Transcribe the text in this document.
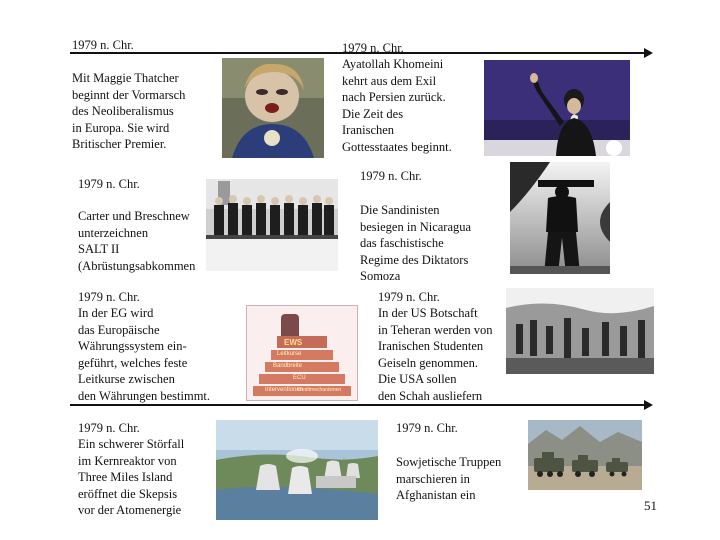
1979 n. Chr.

Mit Maggie Thatcher
beginnt der Vormarsch
des Neoliberalismus
in Europa. Sie wird
Britischer Premier.

1979 n. Chr.

Ayatollah Khomeini
kehrt aus dem Exil
nach Persien zurück.
Die Zeit des
Iranischen
Gottesstaates beginnt.

1979 n. Chr.

Carter und Breschnew
unterzeichnen
SALT II
(Abrüstungsabkommen

1979 n. Chr.

Die Sandinisten
besiegen in Nicaragua
das faschistische
Regime des Diktators
Somoza

1979 n. Chr.

In der EG wird
das Europäische
Währungssystem ein-
geführt, welches feste
Leitkurse zwischen
den Währungen bestimmt.

EWS
Leitkurse
Bandbreite
ECU
Interventionen
Kreditmechanismen

1979 n. Chr.

In der US Botschaft
in Teheran werden von
Iranischen Studenten
Geiseln genommen.
Die USA sollen
den Schah ausliefern

1979 n. Chr.

Ein schwerer Störfall
im Kernreaktor von
Three Miles Island
eröffnet die Skepsis
vor der Atomenergie

1979 n. Chr.

Sowjetische Truppen
marschieren in
Afghanistan ein

51
